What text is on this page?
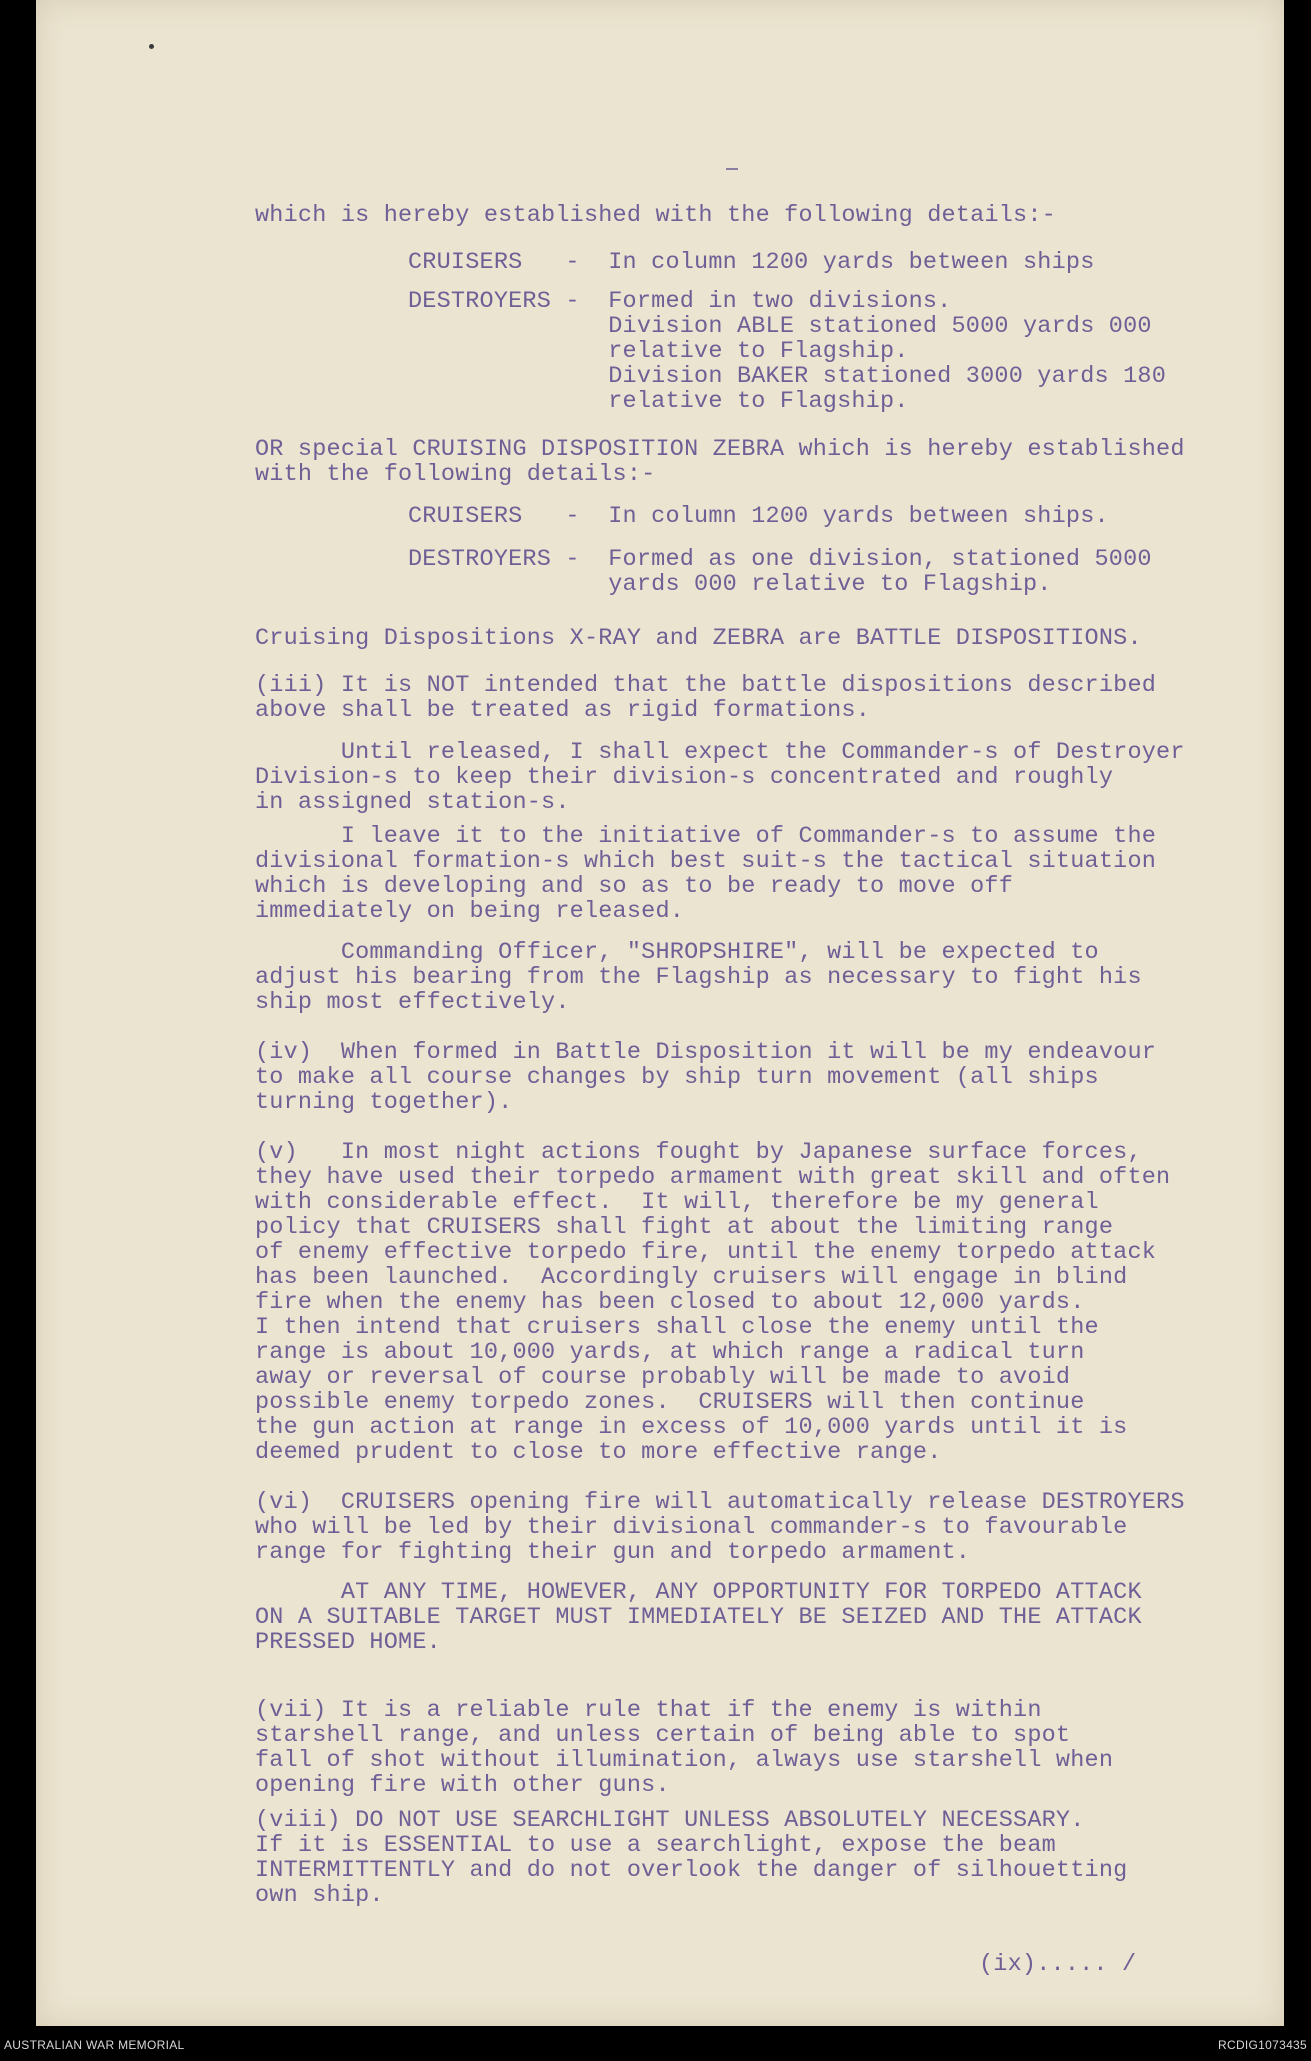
which is hereby established with the following details:-
CRUISERS   -  In column 1200 yards between ships
DESTROYERS -  Formed in two divisions.
Division ABLE stationed 5000 yards 000
relative to Flagship.
Division BAKER stationed 3000 yards 180
relative to Flagship.
OR special CRUISING DISPOSITION ZEBRA which is hereby established
with the following details:-
CRUISERS   -  In column 1200 yards between ships.
DESTROYERS -  Formed as one division, stationed 5000
yards 000 relative to Flagship.
Cruising Dispositions X-RAY and ZEBRA are BATTLE DISPOSITIONS.
(iii) It is NOT intended that the battle dispositions described
above shall be treated as rigid formations.
Until released, I shall expect the Commander-s of Destroyer
Division-s to keep their division-s concentrated and roughly
in assigned station-s.
I leave it to the initiative of Commander-s to assume the
divisional formation-s which best suit-s the tactical situation
which is developing and so as to be ready to move off
immediately on being released.
Commanding Officer, "SHROPSHIRE", will be expected to
adjust his bearing from the Flagship as necessary to fight his
ship most effectively.
(iv)  When formed in Battle Disposition it will be my endeavour
to make all course changes by ship turn movement (all ships
turning together).
(v)   In most night actions fought by Japanese surface forces,
they have used their torpedo armament with great skill and often
with considerable effect.  It will, therefore be my general
policy that CRUISERS shall fight at about the limiting range
of enemy effective torpedo fire, until the enemy torpedo attack
has been launched.  Accordingly cruisers will engage in blind
fire when the enemy has been closed to about 12,000 yards.
I then intend that cruisers shall close the enemy until the
range is about 10,000 yards, at which range a radical turn
away or reversal of course probably will be made to avoid
possible enemy torpedo zones.  CRUISERS will then continue
the gun action at range in excess of 10,000 yards until it is
deemed prudent to close to more effective range.
(vi)  CRUISERS opening fire will automatically release DESTROYERS
who will be led by their divisional commander-s to favourable
range for fighting their gun and torpedo armament.
AT ANY TIME, HOWEVER, ANY OPPORTUNITY FOR TORPEDO ATTACK
ON A SUITABLE TARGET MUST IMMEDIATELY BE SEIZED AND THE ATTACK
PRESSED HOME.
(vii) It is a reliable rule that if the enemy is within
starshell range, and unless certain of being able to spot
fall of shot without illumination, always use starshell when
opening fire with other guns.
(viii) DO NOT USE SEARCHLIGHT UNLESS ABSOLUTELY NECESSARY.
If it is ESSENTIAL to use a searchlight, expose the beam
INTERMITTENTLY and do not overlook the danger of silhouetting
own ship.
(ix)..... /
AUSTRALIAN WAR MEMORIAL	RCDIG1073435
